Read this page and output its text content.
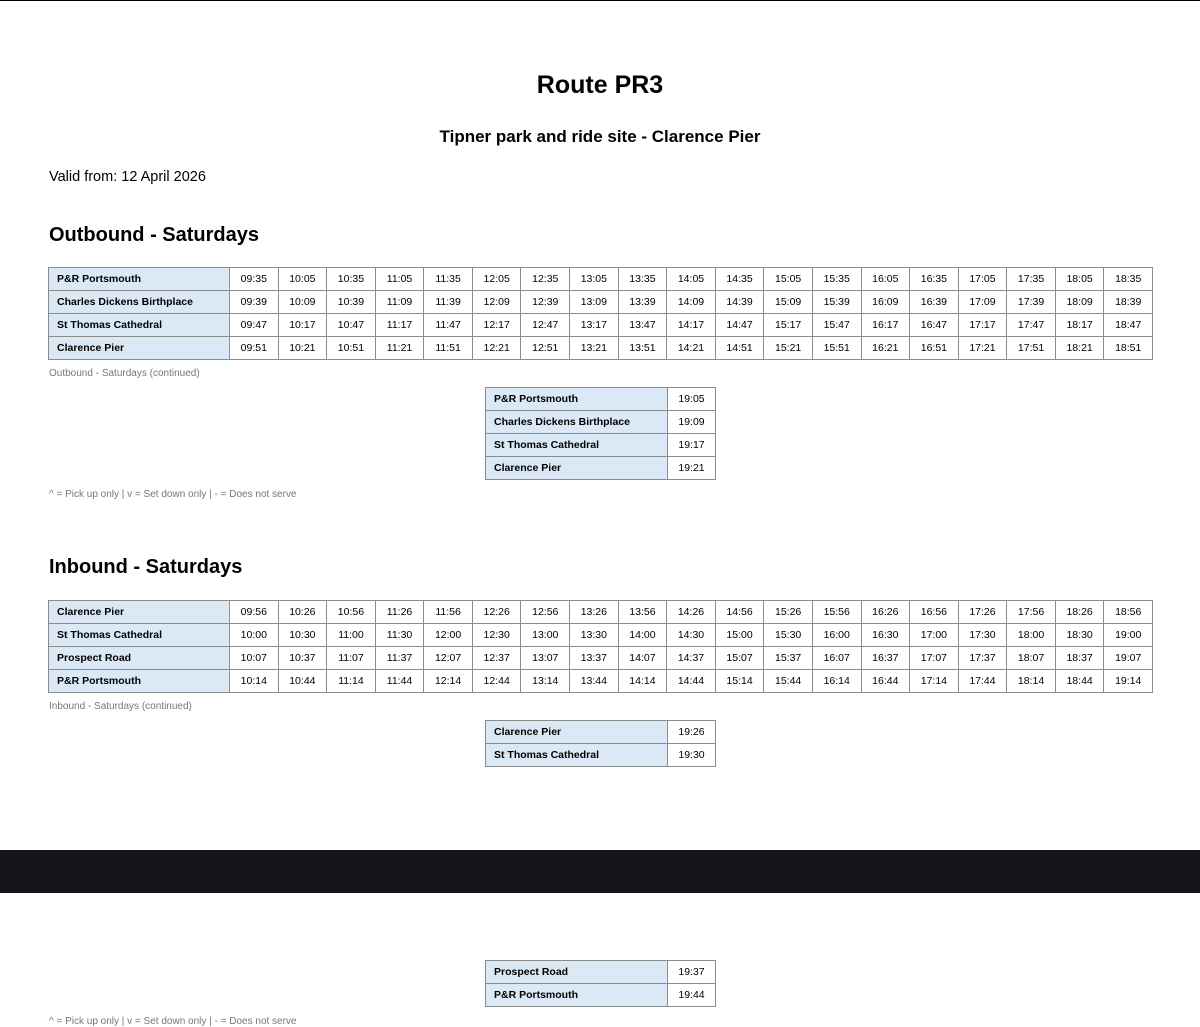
Route PR3
Tipner park and ride site - Clarence Pier

Valid from: 12 April 2026

Outbound - Saturdays
P&R Portsmouth	09:35	10:05	10:35	11:05	11:35	12:05	12:35	13:05	13:35	14:05	14:35	15:05	15:35	16:05	16:35	17:05	17:35	18:05	18:35
Charles Dickens Birthplace	09:39	10:09	10:39	11:09	11:39	12:09	12:39	13:09	13:39	14:09	14:39	15:09	15:39	16:09	16:39	17:09	17:39	18:09	18:39
St Thomas Cathedral	09:47	10:17	10:47	11:17	11:47	12:17	12:47	13:17	13:47	14:17	14:47	15:17	15:47	16:17	16:47	17:17	17:47	18:17	18:47
Clarence Pier	09:51	10:21	10:51	11:21	11:51	12:21	12:51	13:21	13:51	14:21	14:51	15:21	15:51	16:21	16:51	17:21	17:51	18:21	18:51

Outbound - Saturdays (continued)

P&R Portsmouth	19:05
Charles Dickens Birthplace	19:09
St Thomas Cathedral	19:17
Clarence Pier	19:21

^ = Pick up only | v = Set down only | - = Does not serve

Inbound - Saturdays
Clarence Pier	09:56	10:26	10:56	11:26	11:56	12:26	12:56	13:26	13:56	14:26	14:56	15:26	15:56	16:26	16:56	17:26	17:56	18:26	18:56
St Thomas Cathedral	10:00	10:30	11:00	11:30	12:00	12:30	13:00	13:30	14:00	14:30	15:00	15:30	16:00	16:30	17:00	17:30	18:00	18:30	19:00
Prospect Road	10:07	10:37	11:07	11:37	12:07	12:37	13:07	13:37	14:07	14:37	15:07	15:37	16:07	16:37	17:07	17:37	18:07	18:37	19:07
P&R Portsmouth	10:14	10:44	11:14	11:44	12:14	12:44	13:14	13:44	14:14	14:44	15:14	15:44	16:14	16:44	17:14	17:44	18:14	18:44	19:14

Inbound - Saturdays (continued)

Clarence Pier	19:26
St Thomas Cathedral	19:30
Prospect Road	19:37
P&R Portsmouth	19:44

^ = Pick up only | v = Set down only | - = Does not serve
